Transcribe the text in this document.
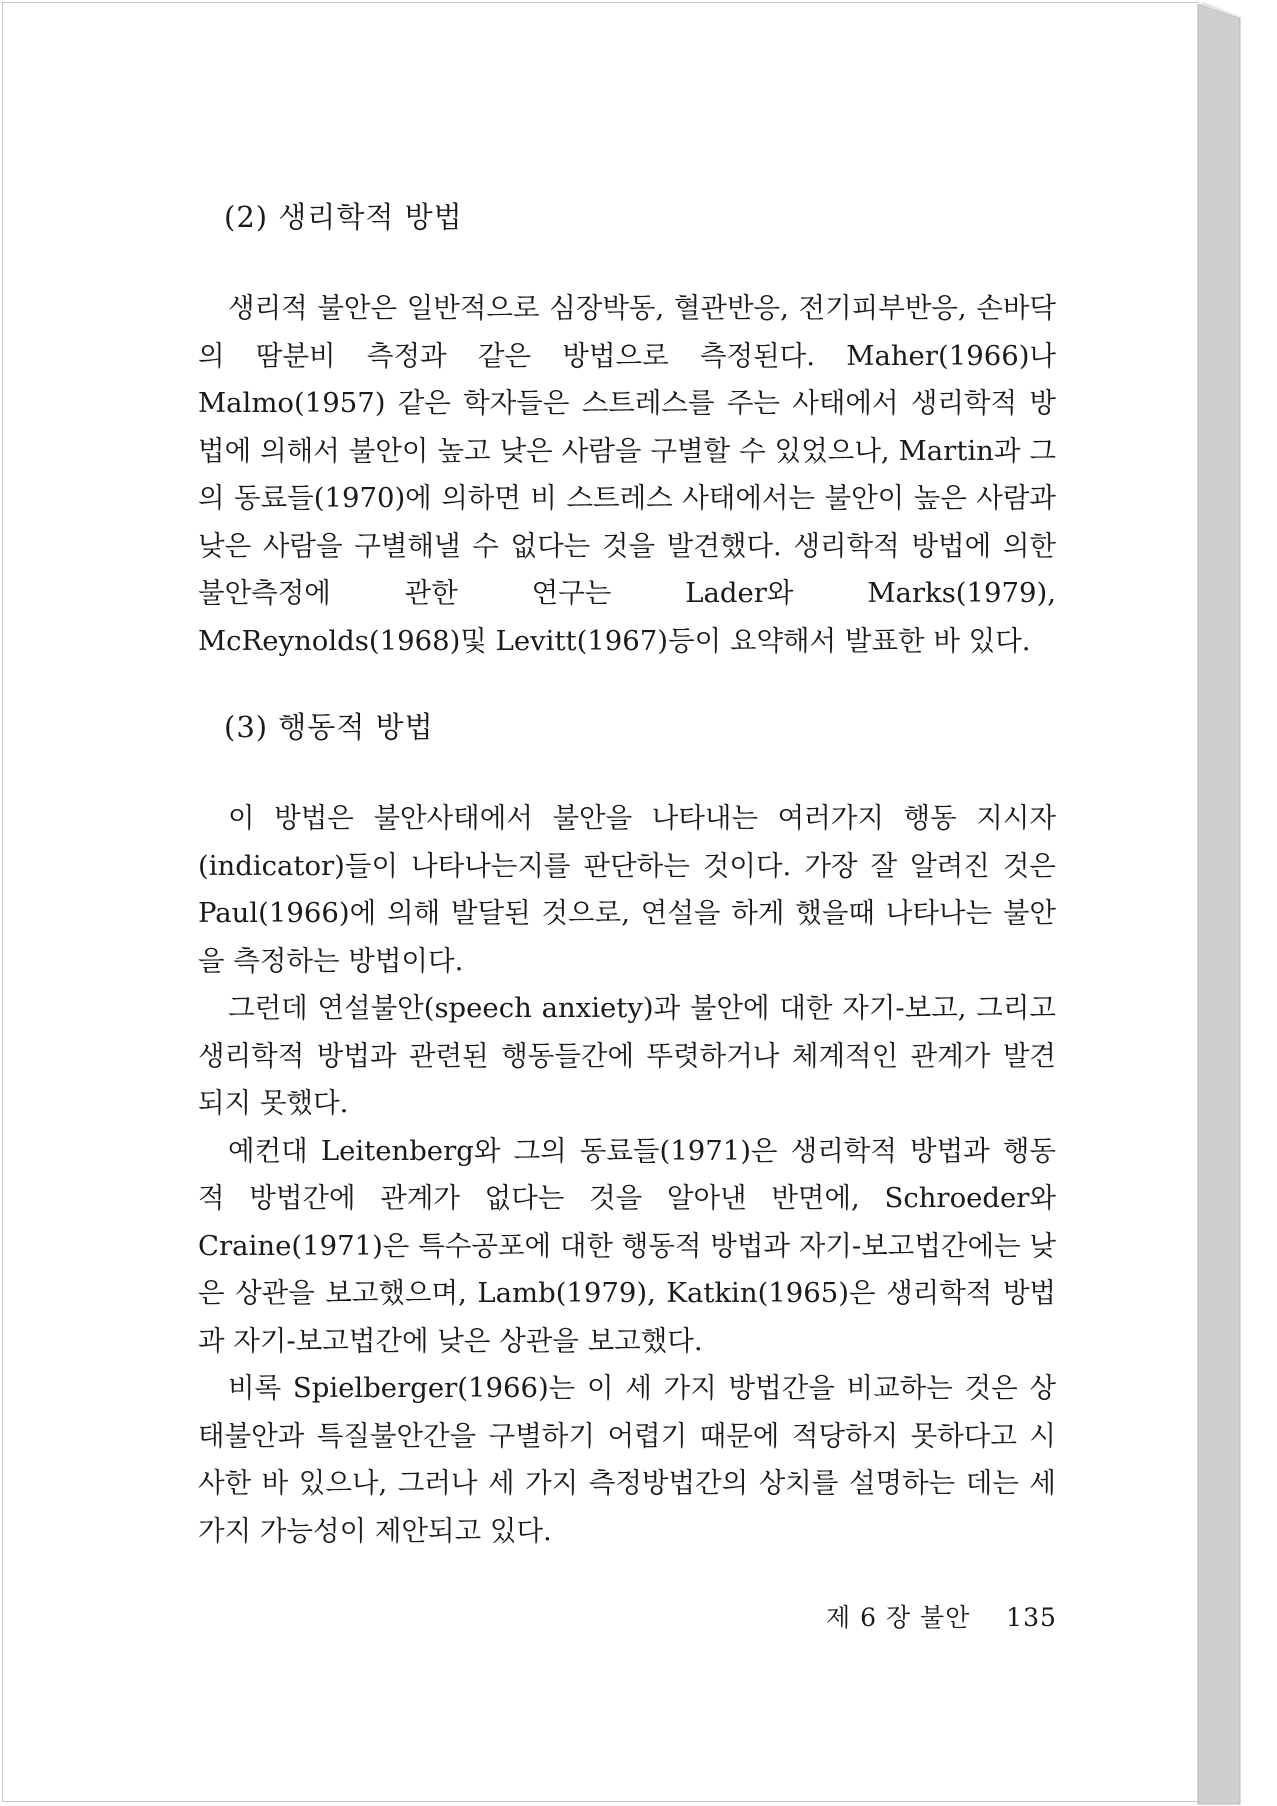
(2) 생리학적 방법
생리적 불안은 일반적으로 심장박동, 혈관반응, 전기피부반응, 손바닥의 땀분비 측정과 같은 방법으로 측정된다. Maher(1966)나 Malmo(1957) 같은 학자들은 스트레스를 주는 사태에서 생리학적 방법에 의해서 불안이 높고 낮은 사람을 구별할 수 있었으나, Martin과 그의 동료들(1970)에 의하면 비 스트레스 사태에서는 불안이 높은 사람과 낮은 사람을 구별해낼 수 없다는 것을 발견했다. 생리학적 방법에 의한 불안측정에 관한 연구는 Lader와 Marks(1979), McReynolds(1968)및 Levitt(1967)등이 요약해서 발표한 바 있다.
(3) 행동적 방법
이 방법은 불안사태에서 불안을 나타내는 여러가지 행동 지시자(indicator)들이 나타나는지를 판단하는 것이다. 가장 잘 알려진 것은 Paul(1966)에 의해 발달된 것으로, 연설을 하게 했을때 나타나는 불안을 측정하는 방법이다.
그런데 연설불안(speech anxiety)과 불안에 대한 자기-보고, 그리고 생리학적 방법과 관련된 행동들간에 뚜렷하거나 체계적인 관계가 발견되지 못했다.
예컨대 Leitenberg와 그의 동료들(1971)은 생리학적 방법과 행동적 방법간에 관계가 없다는 것을 알아낸 반면에, Schroeder와 Craine(1971)은 특수공포에 대한 행동적 방법과 자기-보고법간에는 낮은 상관을 보고했으며, Lamb(1979), Katkin(1965)은 생리학적 방법과 자기-보고법간에 낮은 상관을 보고했다.
비록 Spielberger(1966)는 이 세 가지 방법간을 비교하는 것은 상태불안과 특질불안간을 구별하기 어렵기 때문에 적당하지 못하다고 시사한 바 있으나, 그러나 세 가지 측정방법간의 상치를 설명하는 데는 세 가지 가능성이 제안되고 있다.
제 6 장 불안 135
